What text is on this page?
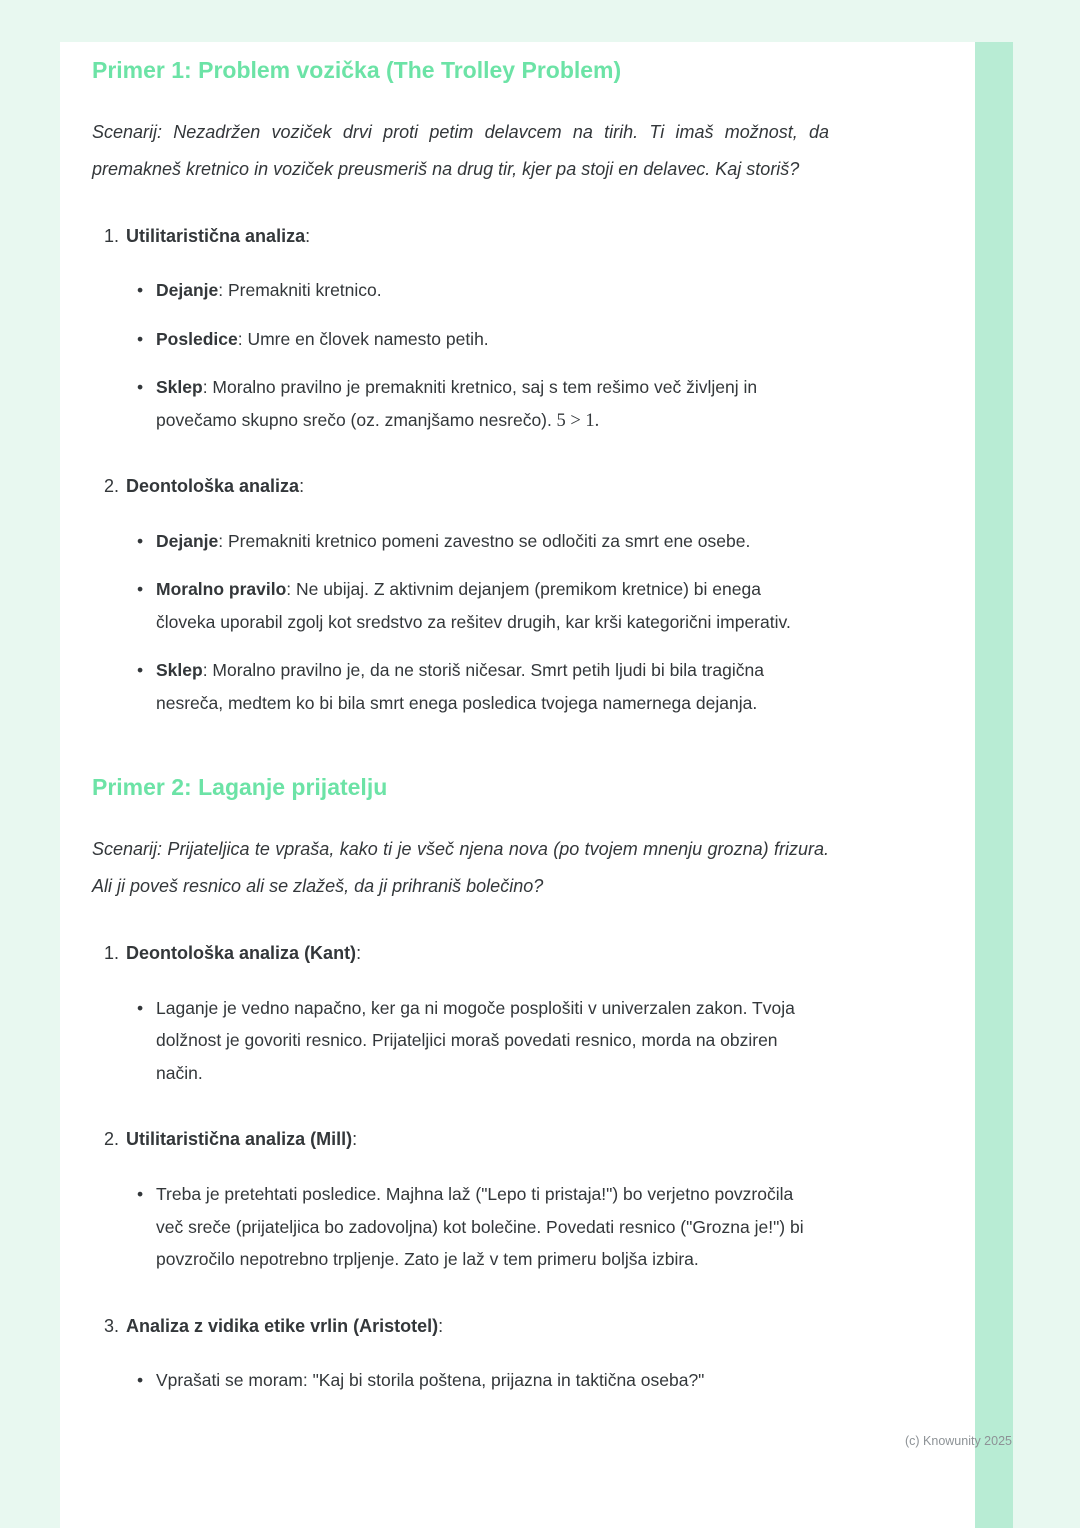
Primer 1: Problem vozička (The Trolley Problem)

Scenarij: Nezadržen voziček drvi proti petim delavcem na tirih. Ti imaš možnost, da premakneš kretnico in voziček preusmeriš na drug tir, kjer pa stoji en delavec. Kaj storiš?

1. Utilitaristična analiza:
• Dejanje: Premakniti kretnico.
• Posledice: Umre en človek namesto petih.
• Sklep: Moralno pravilno je premakniti kretnico, saj s tem rešimo več življenj in povečamo skupno srečo (oz. zmanjšamo nesrečo). 5 > 1.
2. Deontološka analiza:
• Dejanje: Premakniti kretnico pomeni zavestno se odločiti za smrt ene osebe.
• Moralno pravilo: Ne ubijaj. Z aktivnim dejanjem (premikom kretnice) bi enega človeka uporabil zgolj kot sredstvo za rešitev drugih, kar krši kategorični imperativ.
• Sklep: Moralno pravilno je, da ne storiš ničesar. Smrt petih ljudi bi bila tragična nesreča, medtem ko bi bila smrt enega posledica tvojega namernega dejanja.
Primer 2: Laganje prijatelju

Scenarij: Prijateljica te vpraša, kako ti je všeč njena nova (po tvojem mnenju grozna) frizura. Ali ji poveš resnico ali se zlažeš, da ji prihraniš bolečino?

1. Deontološka analiza (Kant):
• Laganje je vedno napačno, ker ga ni mogoče posplošiti v univerzalen zakon. Tvoja dolžnost je govoriti resnico. Prijateljici moraš povedati resnico, morda na obziren način.
2. Utilitaristična analiza (Mill):
• Treba je pretehtati posledice. Majhna laž ("Lepo ti pristaja!") bo verjetno povzročila več sreče (prijateljica bo zadovoljna) kot bolečine. Povedati resnico ("Grozna je!") bi povzročilo nepotrebno trpljenje. Zato je laž v tem primeru boljša izbira.
3. Analiza z vidika etike vrlin (Aristotel):
• Vprašati se moram: "Kaj bi storila poštena, prijazna in taktična oseba?"
(c) Knowunity 2025
